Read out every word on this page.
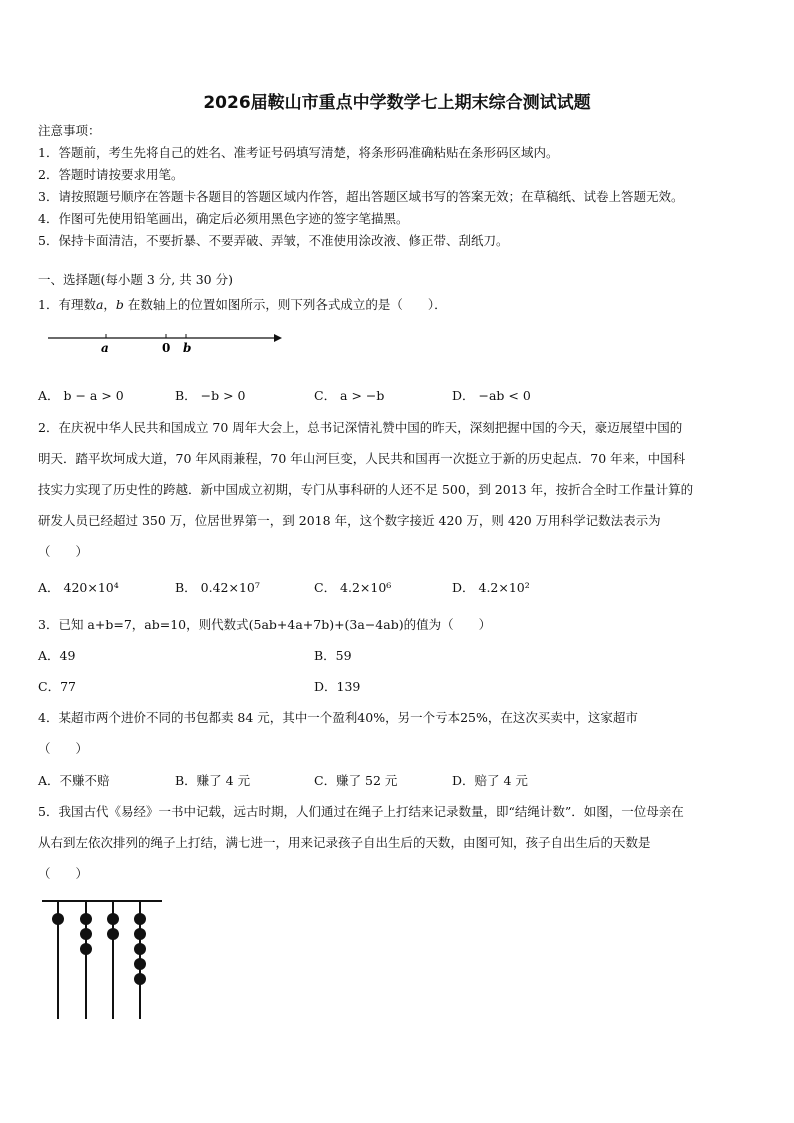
2026届鞍山市重点中学数学七上期末综合测试试题
注意事项：
1．答题前，考生先将自己的姓名、准考证号码填写清楚，将条形码准确粘贴在条形码区域内。
2．答题时请按要求用笔。
3．请按照题号顺序在答题卡各题目的答题区域内作答，超出答题区域书写的答案无效；在草稿纸、试卷上答题无效。
4．作图可先使用铅笔画出，确定后必须用黑色字迹的签字笔描黑。
5．保持卡面清洁，不要折暴、不要弄破、弄皱，不准使用涂改液、修正带、刮纸刀。
一、选择题(每小题 3 分, 共 30 分)
1．有理数𝑎，𝑏 在数轴上的位置如图所示，则下列各式成立的是（　　）．
a	0 b
A． b − a > 0	B． −b > 0	C． a > −b	D． −ab < 0
2．在庆祝中华人民共和国成立 70 周年大会上，总书记深情礼赞中国的昨天，深刻把握中国的今天，豪迈展望中国的
明天．踏平坎坷成大道，70 年风雨兼程，70 年山河巨变，人民共和国再一次挺立于新的历史起点．70 年来，中国科
技实力实现了历史性的跨越．新中国成立初期，专门从事科研的人还不足 500，到 2013 年，按折合全时工作量计算的
研发人员已经超过 350 万，位居世界第一，到 2018 年，这个数字接近 420 万，则 420 万用科学记数法表示为
（　　）
A． 420×10⁴	B． 0.42×10⁷	C． 4.2×10⁶	D． 4.2×10²
3．已知 a+b=7，ab=10，则代数式(5ab+4a+7b)+(3a−4ab)的值为（　　）
A．49	B．59
C．77	D．139
4．某超市两个进价不同的书包都卖 84 元，其中一个盈利40%，另一个亏本25%，在这次买卖中，这家超市
（　　）
A．不赚不赔	B．赚了 4 元	C．赚了 52 元	D．赔了 4 元
5．我国古代《易经》一书中记载，远古时期，人们通过在绳子上打结来记录数量，即“结绳计数”．如图，一位母亲在
从右到左依次排列的绳子上打结，满七进一，用来记录孩子自出生后的天数，由图可知，孩子自出生后的天数是
（　　）
